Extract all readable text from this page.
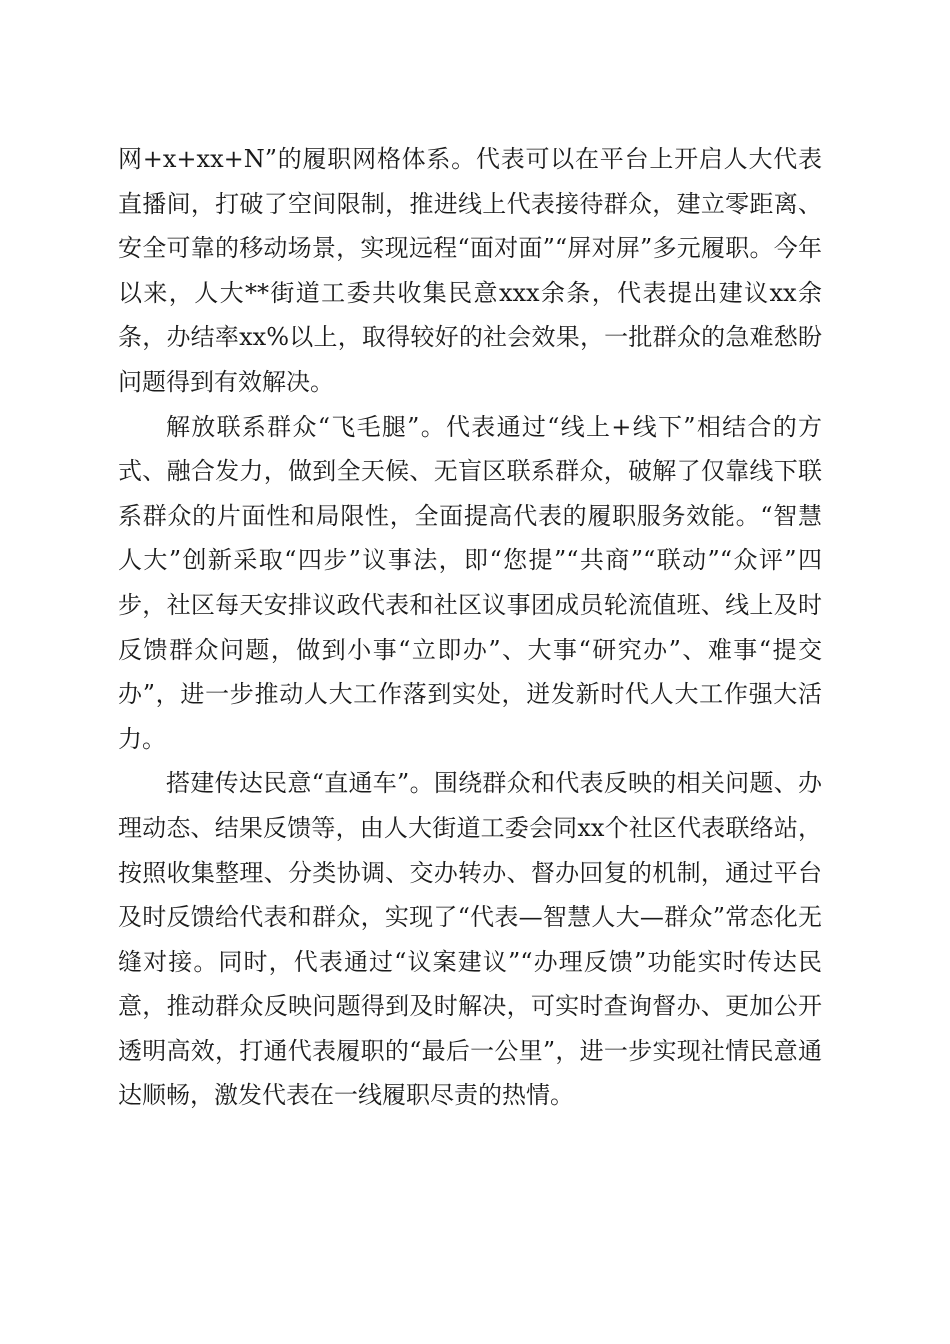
网+x+xx+N”的履职网格体系。代表可以在平台上开启人大代表直播间，打破了空间限制，推进线上代表接待群众，建立零距离、安全可靠的移动场景，实现远程“面对面”“屏对屏”多元履职。今年以来，人大**街道工委共收集民意xxx余条，代表提出建议xx余条，办结率xx%以上，取得较好的社会效果，一批群众的急难愁盼问题得到有效解决。

解放联系群众“飞毛腿”。代表通过“线上+线下”相结合的方式、融合发力，做到全天候、无盲区联系群众，破解了仅靠线下联系群众的片面性和局限性，全面提高代表的履职服务效能。“智慧人大”创新采取“四步”议事法，即“您提”“共商”“联动”“众评”四步，社区每天安排议政代表和社区议事团成员轮流值班、线上及时反馈群众问题，做到小事“立即办”、大事“研究办”、难事“提交办”，进一步推动人大工作落到实处，迸发新时代人大工作强大活力。

搭建传达民意“直通车”。围绕群众和代表反映的相关问题、办理动态、结果反馈等，由人大街道工委会同xx个社区代表联络站，按照收集整理、分类协调、交办转办、督办回复的机制，通过平台及时反馈给代表和群众，实现了“代表—智慧人大—群众”常态化无缝对接。同时，代表通过“议案建议”“办理反馈”功能实时传达民意，推动群众反映问题得到及时解决，可实时查询督办、更加公开透明高效，打通代表履职的“最后一公里”，进一步实现社情民意通达顺畅，激发代表在一线履职尽责的热情。
